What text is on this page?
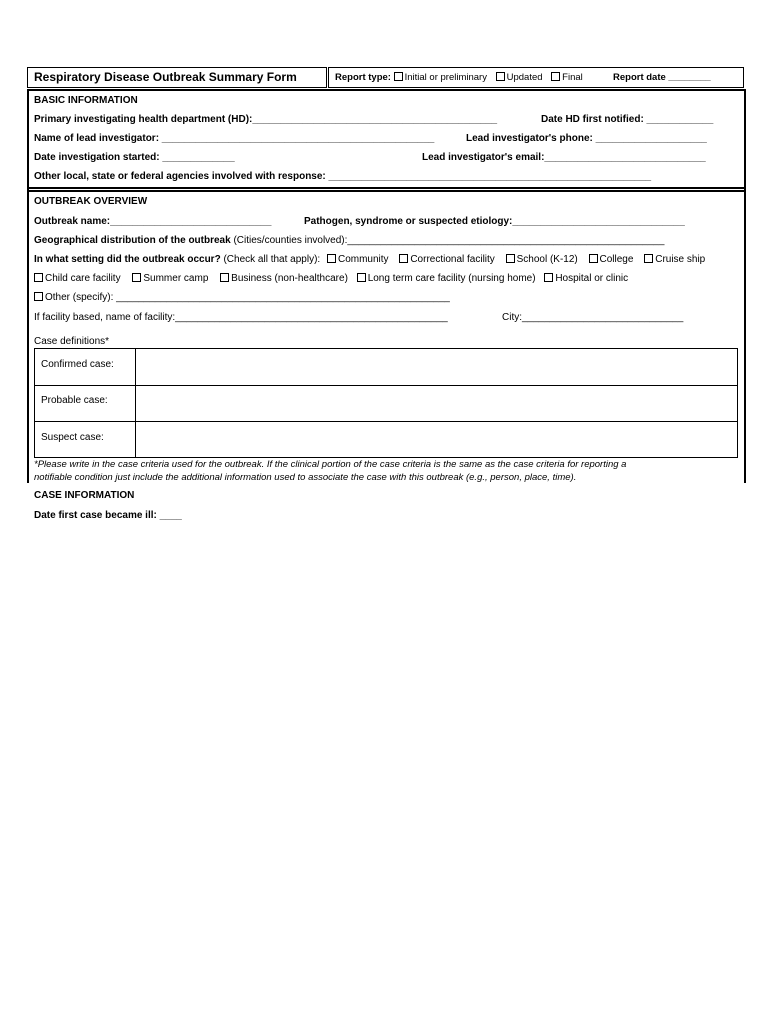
Respiratory Disease Outbreak Summary Form	Report type: Initial or preliminary Updated Final	Report date ________
BASIC INFORMATION
Primary investigating health department (HD):____________________________________________	Date HD first notified: ____________
Name of lead investigator: _________________________________________________	Lead investigator's phone: ____________________
Date investigation started: _____________	Lead investigator's email:_____________________________
Other local, state or federal agencies involved with response: __________________________________________________________
OUTBREAK OVERVIEW
Outbreak name:_____________________________	Pathogen, syndrome or suspected etiology:_______________________________
Geographical distribution of the outbreak (Cities/counties involved):_________________________________________________________
In what setting did the outbreak occur? (Check all that apply): Community Correctional facility School (K-12) College Cruise ship
Child care facility Summer camp Business (non-healthcare) Long term care facility (nursing home) Hospital or clinic
Other (specify): ____________________________________________________________
If facility based, name of facility:_________________________________________________	City:_____________________________
Case definitions*
Confirmed case:
Probable case:
Suspect case:
*Please write in the case criteria used for the outbreak. If the clinical portion of the case criteria is the same as the case criteria for reporting a
notifiable condition just include the additional information used to associate the case with this outbreak (e.g., person, place, time).
CASE INFORMATION
Date first case became ill: ____
